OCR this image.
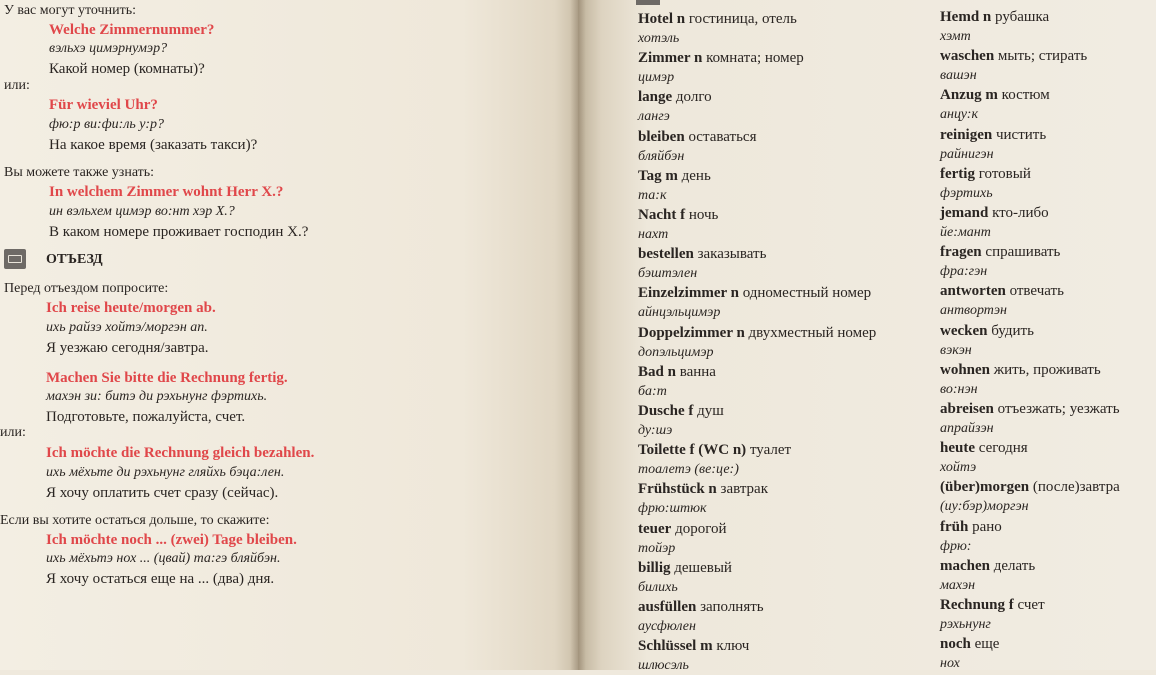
У вас могут уточнить:
Welche Zimmernummer?
вэльхэ цимэрнумэр?
Какой номер (комнаты)?
или:
Für wieviel Uhr?
фю:р ви:фи:ль у:р?
На какое время (заказать такси)?
Вы можете также узнать:
In welchem Zimmer wohnt Herr X.?
ин вэльхем цимэр во:нт хэр Х.?
В каком номере проживает господин Х.?
ОТЪЕЗД
Перед отъездом попросите:
Ich reise heute/morgen ab.
ихь райзэ хойтэ/моргэн ап.
Я уезжаю сегодня/завтра.
Machen Sie bitte die Rechnung fertig.
махэн зи: битэ ди рэхьнунг фэртихь.
Подготовьте, пожалуйста, счет.
или:
Ich möchte die Rechnung gleich bezahlen.
ихь мёхьте ди рэхьнунг гляйхь бэца:лен.
Я хочу оплатить счет сразу (сейчас).
Если вы хотите остаться дольше, то скажите:
Ich möchte noch ... (zwei) Tage bleiben.
ихь мёхьтэ нох ... (цвай) та:гэ бляйбэн.
Я хочу остаться еще на ... (два) дня.
Hotel n гостиница, отель
хотэль
Zimmer n комната; номер
цимэр
lange долго
лангэ
bleiben оставаться
бляйбэн
Tag m день
та:к
Nacht f ночь
нахт
bestellen заказывать
бэштэлен
Einzelzimmer n одноместный номер
айнцэльцимэр
Doppelzimmer n двухместный номер
допэльцимэр
Bad n ванна
ба:т
Dusche f душ
ду:шэ
Toilette f (WC n) туалет
тоалетэ (ве:це:)
Frühstück n завтрак
фрю:штюк
teuer дорогой
тойэр
billig дешевый
билихь
ausfüllen заполнять
аусфюлен
Schlüssel m ключ
шлюсэль
Hemd n рубашка
хэмт
waschen мыть; стирать
вашэн
Anzug m костюм
анцу:к
reinigen чистить
райнигэн
fertig готовый
фэртихь
jemand кто-либо
йе:мант
fragen спрашивать
фра:гэн
antworten отвечать
антвортэн
wecken будить
вэкэн
wohnen жить, проживать
во:нэн
abreisen отъезжать; уезжать
апрайзэн
heute сегодня
хойтэ
(über)morgen (после)завтра
(иу:бэр)моргэн
früh рано
фрю:
machen делать
махэн
Rechnung f счет
рэхьнунг
noch еще
нох
